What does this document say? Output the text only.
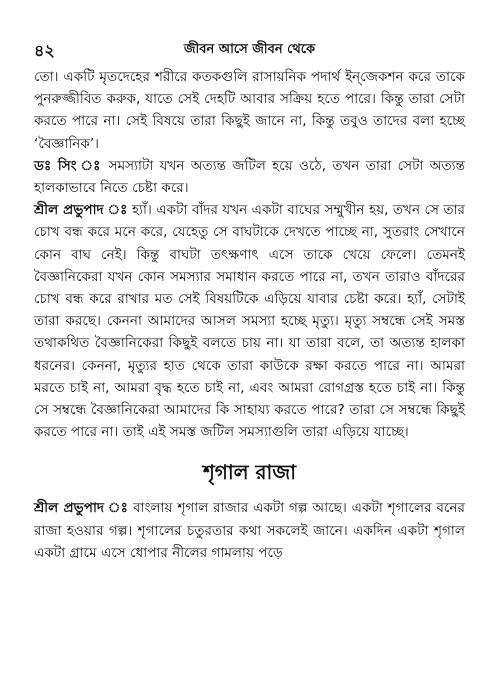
৪২	জীবন আসে জীবন থেকে

তো। একটি মৃতদেহের শরীরে কতকগুলি রাসায়নিক পদার্থ ইন্‌জেকশন করে তাকে পুনরুজ্জীবিত করুক, যাতে সেই দেহটি আবার সক্রিয় হতে পারে। কিন্তু তারা সেটা করতে পারে না। সেই বিষয়ে তারা কিছুই জানে না, কিন্তু তবুও তাদের বলা হচ্ছে ‘বৈজ্ঞানিক’।

ডঃ সিং ঃ সমস্যাটা যখন অত্যন্ত জটিল হয়ে ওঠে, তখন তারা সেটা অত্যন্ত হালকাভাবে নিতে চেষ্টা করে।

শ্রীল প্রভুপাদ ঃ হ্যাঁ। একটা বাঁদর যখন একটা বাঘের সম্মুখীন হয়, তখন সে তার চোখ বন্ধ করে মনে করে, যেহেতু সে বাঘটাকে দেখতে পাচ্ছে না, সুতরাং সেখানে কোন বাঘ নেই। কিন্তু বাঘটা তৎক্ষণাৎ এসে তাকে খেয়ে ফেলে। তেমনই বৈজ্ঞানিকেরা যখন কোন সমস্যার সমাধান করতে পারে না, তখন তারাও বাঁদরের চোখ বন্ধ করে রাখার মত সেই বিষয়টিকে এড়িয়ে যাবার চেষ্টা করে। হ্যাঁ, সেটাই তারা করছে। কেননা আমাদের আসল সমস্যা হচ্ছে মৃত্যু। মৃত্যু সম্বন্ধে সেই সমস্ত তথাকথিত বৈজ্ঞানিকেরা কিছুই বলতে চায় না। যা তারা বলে, তা অত্যন্ত হালকা ধরনের। কেননা, মৃত্যুর হাত থেকে তারা কাউকে রক্ষা করতে পারে না। আমরা মরতে চাই না, আমরা বৃদ্ধ হতে চাই না, এবং আমরা রোগগ্রস্ত হতে চাই না। কিন্তু সে সম্বন্ধে বৈজ্ঞানিকেরা আমাদের কি সাহায্য করতে পারে? তারা সে সম্বন্ধে কিছুই করতে পারে না। তাই এই সমস্ত জটিল সমস্যাগুলি তারা এড়িয়ে যাচ্ছে।

শৃগাল রাজা

শ্রীল প্রভুপাদ ঃ বাংলায় শৃগাল রাজার একটা গল্প আছে। একটা শৃগালের বনের রাজা হওয়ার গল্প। শৃগালের চতুরতার কথা সকলেই জানে। একদিন একটা শৃগাল একটা গ্রামে এসে ধোপার নীলের গামলায় পড়ে
